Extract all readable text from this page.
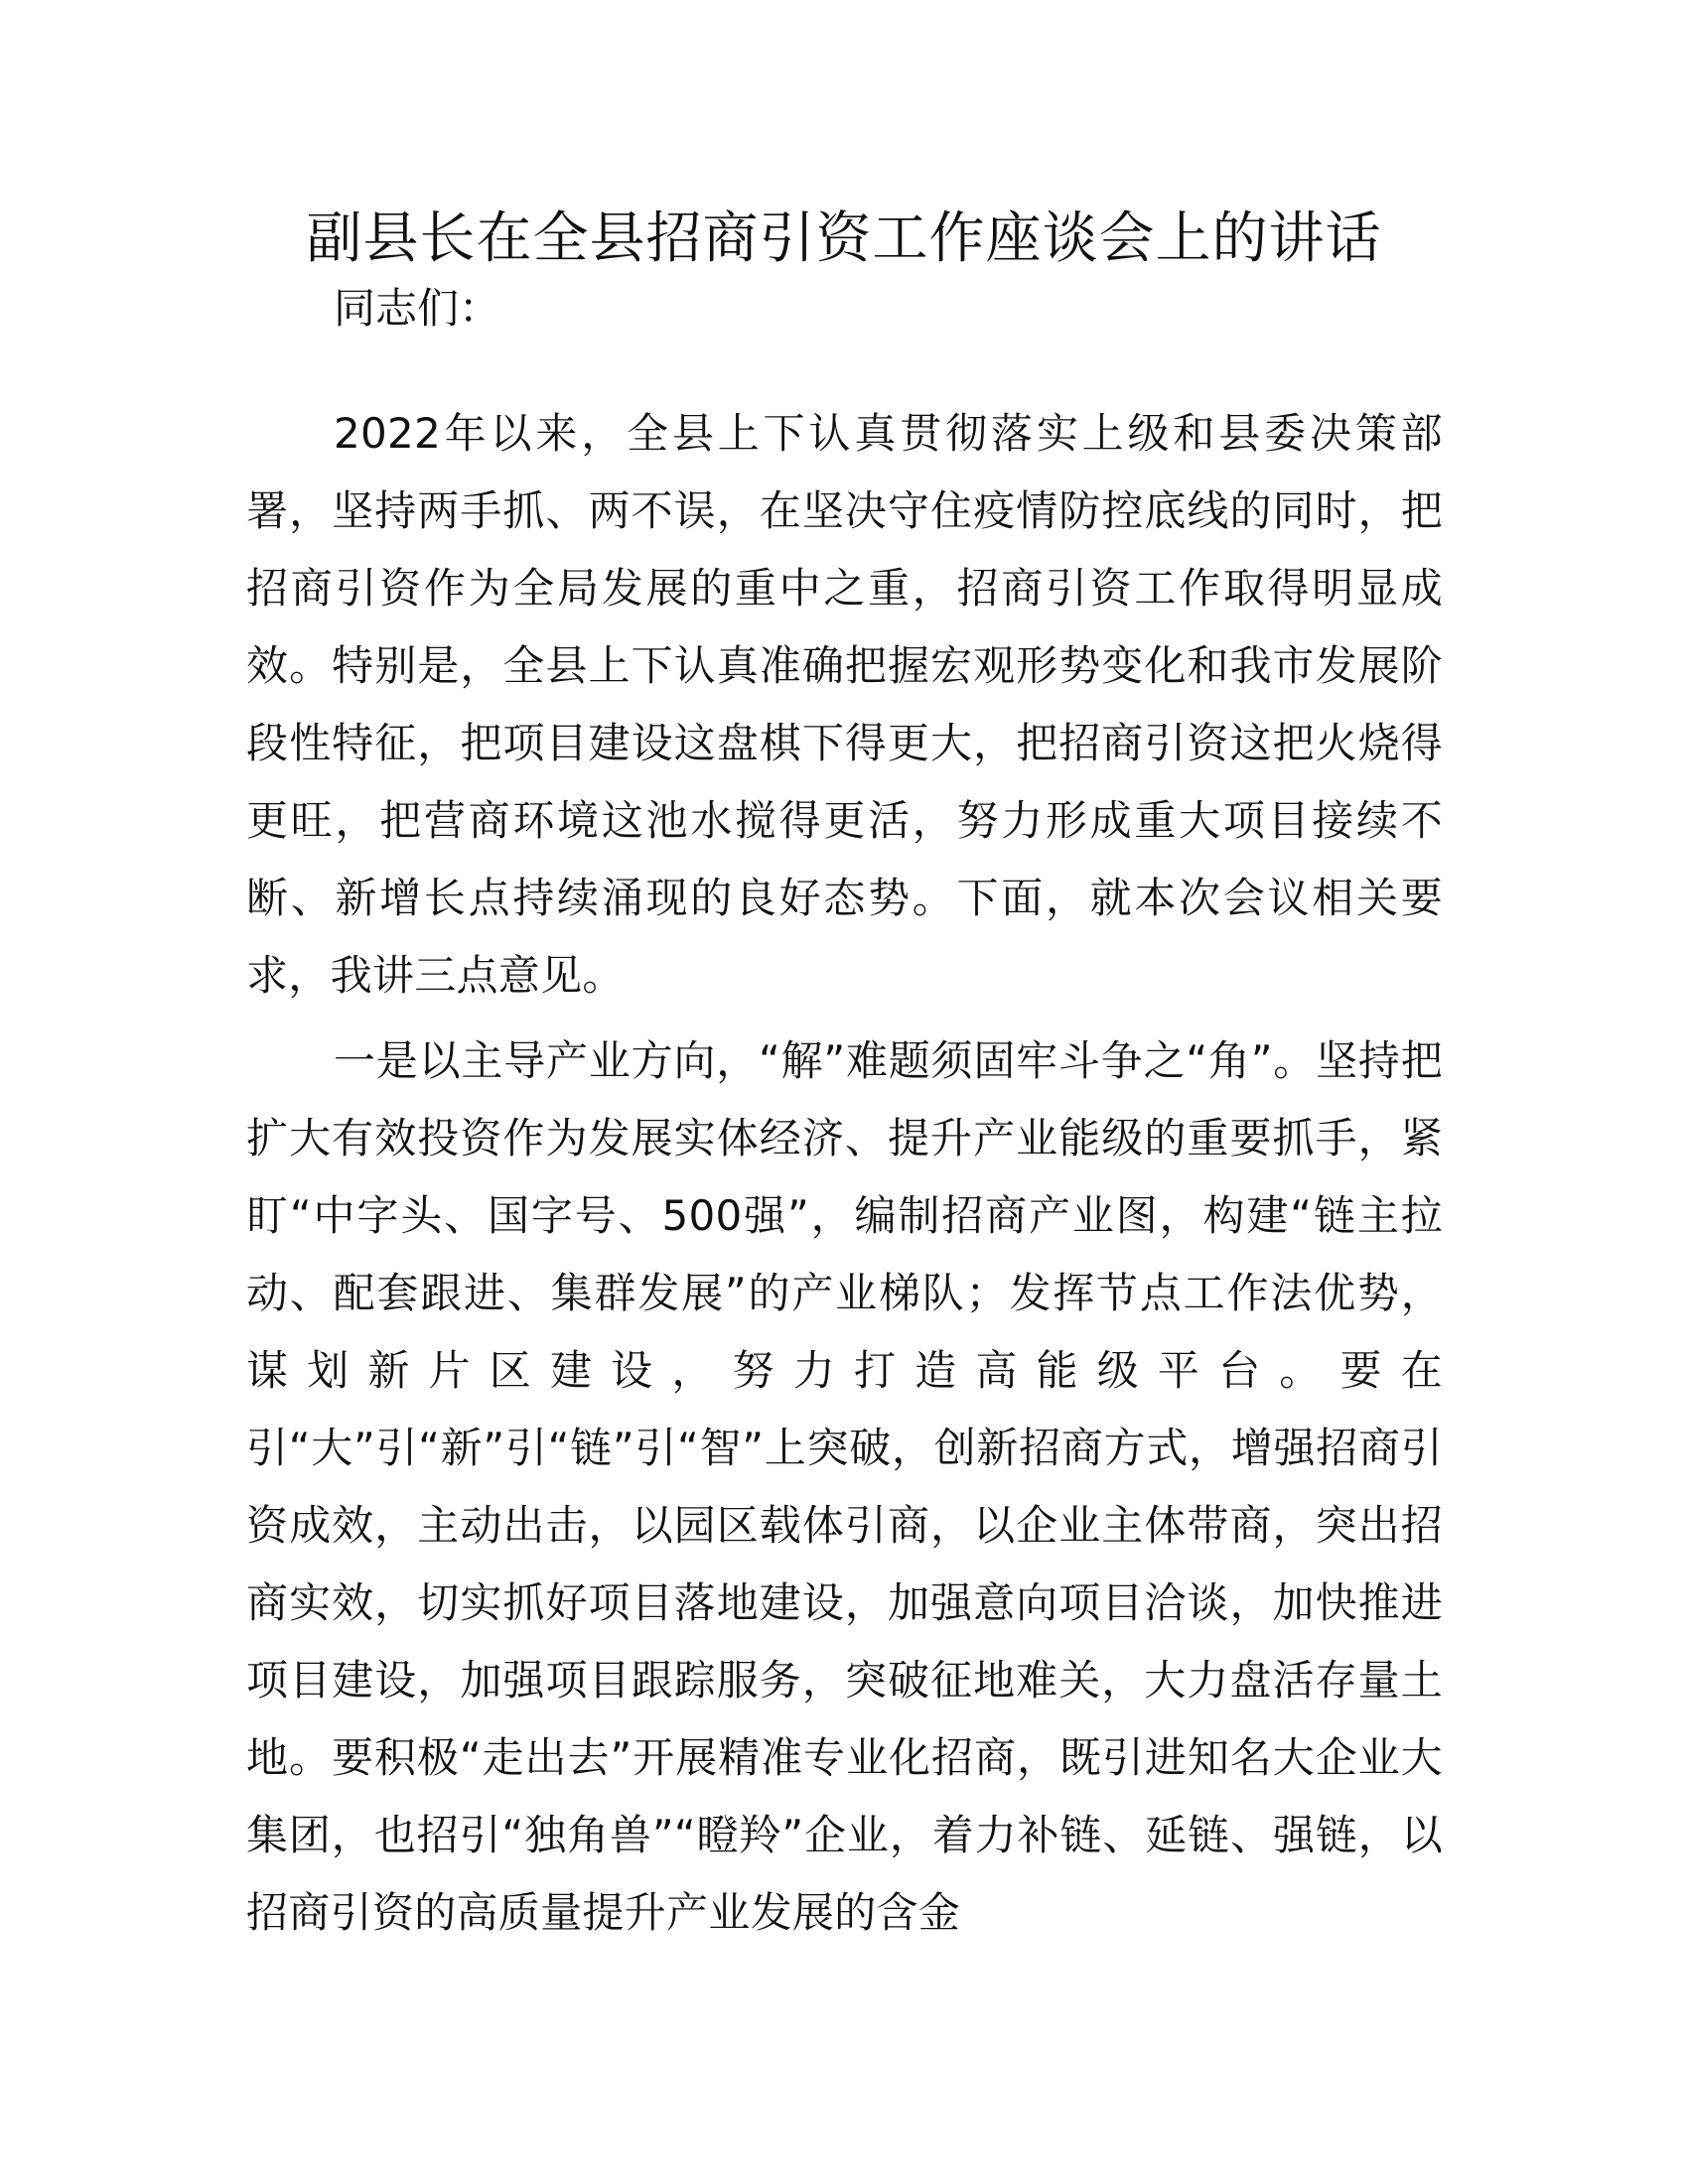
副县长在全县招商引资工作座谈会上的讲话

同志们：

2022年以来，全县上下认真贯彻落实上级和县委决策部署，坚持两手抓、两不误，在坚决守住疫情防控底线的同时，把招商引资作为全局发展的重中之重，招商引资工作取得明显成效。特别是，全县上下认真准确把握宏观形势变化和我市发展阶段性特征，把项目建设这盘棋下得更大，把招商引资这把火烧得更旺，把营商环境这池水搅得更活，努力形成重大项目接续不断、新增长点持续涌现的良好态势。下面，就本次会议相关要求，我讲三点意见。

一是以主导产业方向，“解”难题须固牢斗争之“角”。坚持把扩大有效投资作为发展实体经济、提升产业能级的重要抓手，紧盯“中字头、国字号、500强”，编制招商产业图，构建“链主拉动、配套跟进、集群发展”的产业梯队；发挥节点工作法优势，谋划新片区建设，努力打造高能级平台。要在引“大”引“新”引“链”引“智”上突破，创新招商方式，增强招商引资成效，主动出击，以园区载体引商，以企业主体带商，突出招商实效，切实抓好项目落地建设，加强意向项目洽谈，加快推进项目建设，加强项目跟踪服务，突破征地难关，大力盘活存量土地。要积极“走出去”开展精准专业化招商，既引进知名大企业大集团，也招引“独角兽”“瞪羚”企业，着力补链、延链、强链，以招商引资的高质量提升产业发展的含金
